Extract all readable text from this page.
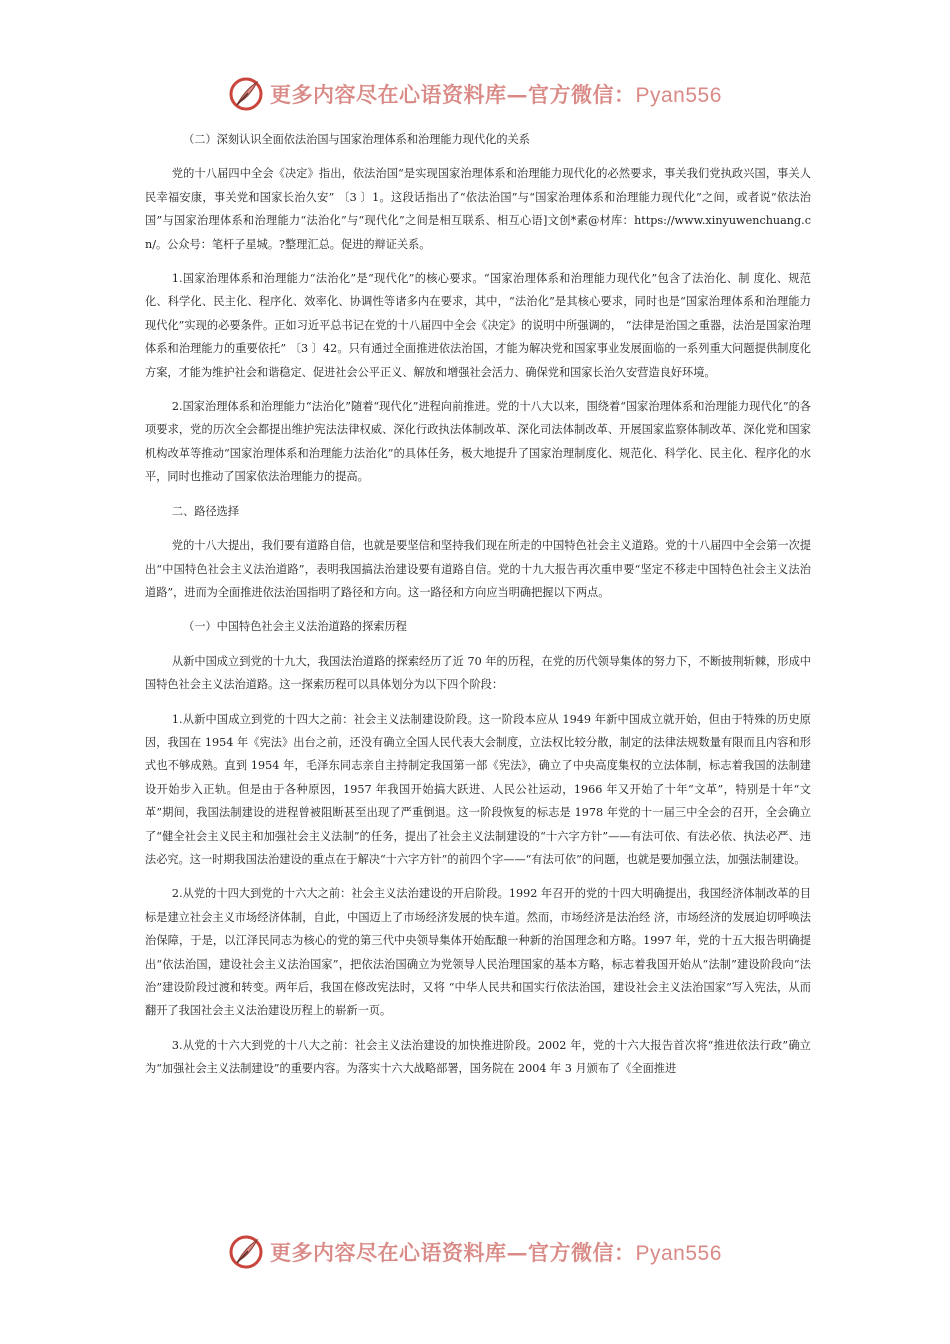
更多内容尽在心语资料库—官方微信：Pyan556

（二）深刻认识全面依法治国与国家治理体系和治理能力现代化的关系

党的十八届四中全会《决定》指出，依法治国“是实现国家治理体系和治理能力现代化的必然要求，事关我们党执政兴国，事关人民幸福安康，事关党和国家长治久安” 〔3 〕1。这段话指出了“依法治国”与“国家治理体系和治理能力现代化”之间，或者说“依法治国”与国家治理体系和治理能力“法治化”与“现代化”之间是相互联系、相互心语]文创*素@材库：https://www.xinyuwenchuang.cn/。公众号：笔杆子星城。?整理汇总。促进的辩证关系。

1.国家治理体系和治理能力“法治化”是“现代化”的核心要求。“国家治理体系和治理能力现代化”包含了法治化、制 度化、规范化、科学化、民主化、程序化、效率化、协调性等诸多内在要求，其中，“法治化”是其核心要求，同时也是“国家治理体系和治理能力现代化”实现的必要条件。正如习近平总书记在党的十八届四中全会《决定》的说明中所强调的， “法律是治国之重器，法治是国家治理体系和治理能力的重要依托” 〔3 〕42。只有通过全面推进依法治国，才能为解决党和国家事业发展面临的一系列重大问题提供制度化方案，才能为维护社会和谐稳定、促进社会公平正义、解放和增强社会活力、确保党和国家长治久安营造良好环境。

2.国家治理体系和治理能力“法治化”随着“现代化”进程向前推进。党的十八大以来，围绕着“国家治理体系和治理能力现代化”的各项要求，党的历次全会都提出维护宪法法律权威、深化行政执法体制改革、深化司法体制改革、开展国家监察体制改革、深化党和国家机构改革等推动“国家治理体系和治理能力法治化”的具体任务，极大地提升了国家治理制度化、规范化、科学化、民主化、程序化的水平，同时也推动了国家依法治理能力的提高。

二、路径选择

党的十八大提出，我们要有道路自信，也就是要坚信和坚持我们现在所走的中国特色社会主义道路。党的十八届四中全会第一次提出“中国特色社会主义法治道路”，表明我国搞法治建设要有道路自信。党的十九大报告再次重申要“坚定不移走中国特色社会主义法治道路”，进而为全面推进依法治国指明了路径和方向。这一路径和方向应当明确把握以下两点。

（一）中国特色社会主义法治道路的探索历程

从新中国成立到党的十九大，我国法治道路的探索经历了近 70 年的历程，在党的历代领导集体的努力下，不断披荆斩棘，形成中国特色社会主义法治道路。这一探索历程可以具体划分为以下四个阶段：

1.从新中国成立到党的十四大之前：社会主义法制建设阶段。这一阶段本应从 1949 年新中国成立就开始，但由于特殊的历史原因，我国在 1954 年《宪法》出台之前，还没有确立全国人民代表大会制度，立法权比较分散，制定的法律法规数量有限而且内容和形式也不够成熟。直到 1954 年，毛泽东同志亲自主持制定我国第一部《宪法》，确立了中央高度集权的立法体制，标志着我国的法制建设开始步入正轨。但是由于各种原因，1957 年我国开始搞大跃进、人民公社运动，1966 年又开始了十年“文革”，特别是十年“文革”期间，我国法制建设的进程曾被阻断甚至出现了严重倒退。这一阶段恢复的标志是 1978 年党的十一届三中全会的召开，全会确立了“健全社会主义民主和加强社会主义法制”的任务，提出了社会主义法制建设的“十六字方针”——有法可依、有法必依、执法必严、违法必究。这一时期我国法治建设的重点在于解决“十六字方针”的前四个字——“有法可依”的问题，也就是要加强立法，加强法制建设。

2.从党的十四大到党的十六大之前：社会主义法治建设的开启阶段。1992 年召开的党的十四大明确提出，我国经济体制改革的目标是建立社会主义市场经济体制，自此，中国迈上了市场经济发展的快车道。然而，市场经济是法治经 济，市场经济的发展迫切呼唤法治保障，于是，以江泽民同志为核心的党的第三代中央领导集体开始酝酿一种新的治国理念和方略。1997 年，党的十五大报告明确提出“依法治国，建设社会主义法治国家”，把依法治国确立为党领导人民治理国家的基本方略，标志着我国开始从“法制”建设阶段向“法治”建设阶段过渡和转变。两年后，我国在修改宪法时，又将 “中华人民共和国实行依法治国，建设社会主义法治国家”写入宪法，从而翻开了我国社会主义法治建设历程上的崭新一页。

3.从党的十六大到党的十八大之前：社会主义法治建设的加快推进阶段。2002 年，党的十六大报告首次将“推进依法行政”确立为“加强社会主义法制建设”的重要内容。为落实十六大战略部署，国务院在 2004 年 3 月颁布了《全面推进

更多内容尽在心语资料库—官方微信：Pyan556
